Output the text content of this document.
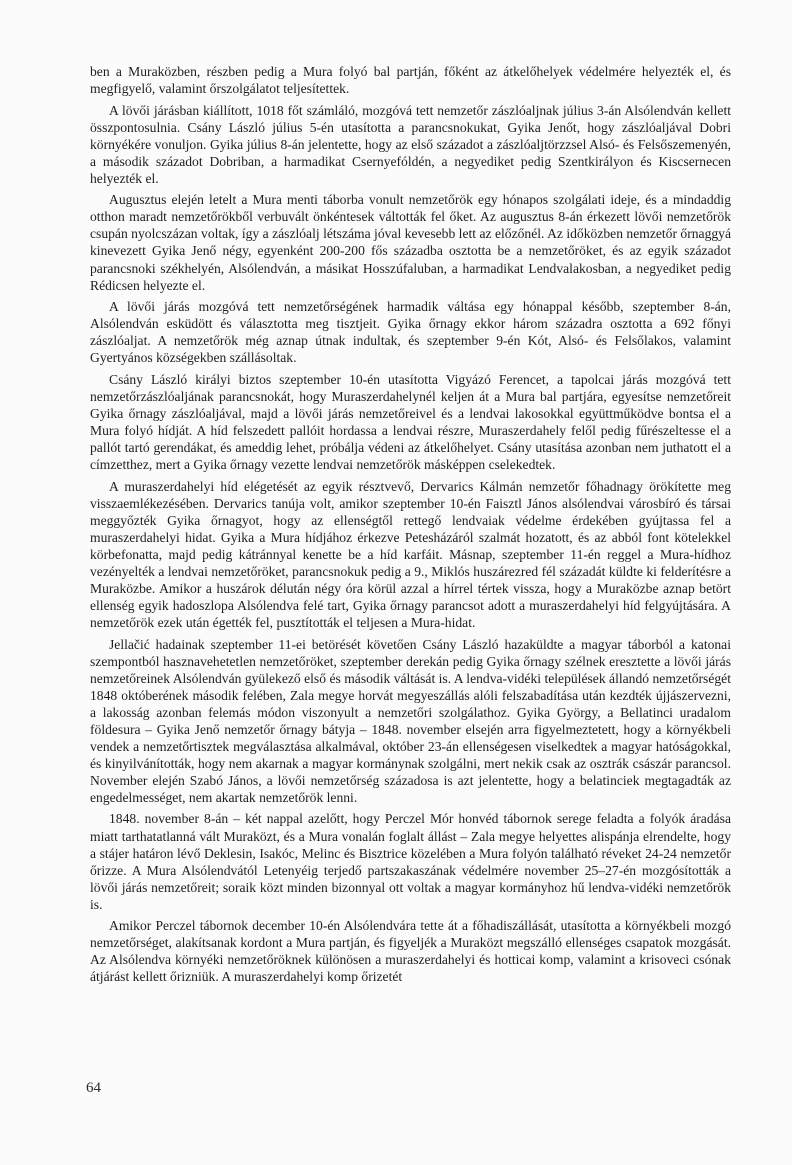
ben a Muraközben, részben pedig a Mura folyó bal partján, főként az átkelőhelyek védelmére helyezték el, és megfigyelő, valamint őrszolgálatot teljesítettek.

A lövői járásban kiállított, 1018 főt számláló, mozgóvá tett nemzetőr zászlóaljnak július 3-án Alsólendván kellett összpontosulnia. Csány László július 5-én utasította a parancsnokukat, Gyika Jenőt, hogy zászlóaljával Dobri környékére vonuljon. Gyika július 8-án jelentette, hogy az első századot a zászlóaljtörzzsel Alsó- és Felsőszemenyén, a második századot Dobriban, a harmadikat Csernyefóldén, a negyediket pedig Szentkirályon és Kiscsernecen helyezték el.

Augusztus elején letelt a Mura menti táborba vonult nemzetőrök egy hónapos szolgálati ideje, és a mindaddig otthon maradt nemzetőrökből verbuvált önkéntesek váltották fel őket. Az augusztus 8-án érkezett lövői nemzetőrök csupán nyolcszázan voltak, így a zászlóalj létszáma jóval kevesebb lett az előzőnél. Az időközben nemzetőr őrnaggyá kinevezett Gyika Jenő négy, egyenként 200-200 fős századba osztotta be a nemzetőröket, és az egyik századot parancsnoki székhelyén, Alsólendván, a másikat Hosszúfaluban, a harmadikat Lendvalakosban, a negyediket pedig Rédicsen helyezte el.

A lövői járás mozgóvá tett nemzetőrségének harmadik váltása egy hónappal később, szeptember 8-án, Alsólendván esküdött és választotta meg tisztjeit. Gyika őrnagy ekkor három századra osztotta a 692 főnyi zászlóaljat. A nemzetőrök még aznap útnak indultak, és szeptember 9-én Kót, Alsó- és Felsőlakos, valamint Gyertyános községekben szállásoltak.

Csány László királyi biztos szeptember 10-én utasította Vigyázó Ferencet, a tapolcai járás mozgóvá tett nemzetőrzászlóaljának parancsnokát, hogy Muraszerdahelynél keljen át a Mura bal partjára, egyesítse nemzetőreit Gyika őrnagy zászlóaljával, majd a lövői járás nemzetőreivel és a lendvai lakosokkal együttműködve bontsa el a Mura folyó hídját. A híd felszedett pallóit hordassa a lendvai részre, Muraszerdahely felől pedig fűrészeltesse el a pallót tartó gerendákat, és ameddig lehet, próbálja védeni az átkelőhelyet. Csány utasítása azonban nem juthatott el a címzetthez, mert a Gyika őrnagy vezette lendvai nemzetőrök másképpen cselekedtek.

A muraszerdahelyi híd elégetését az egyik résztvevő, Dervarics Kálmán nemzetőr főhadnagy örökítette meg visszaemlékezésében. Dervarics tanúja volt, amikor szeptember 10-én Faisztl János alsólendvai városbíró és társai meggyőzték Gyika őrnagyot, hogy az ellenségtől rettegő lendvaiak védelme érdekében gyújtassa fel a muraszerdahelyi hidat. Gyika a Mura hídjához érkezve Petesházáról szalmát hozatott, és az abból font kötelekkel körbefonatta, majd pedig kátránnyal kenette be a híd karfáit. Másnap, szeptember 11-én reggel a Mura-hídhoz vezényelték a lendvai nemzetőröket, parancsnokuk pedig a 9., Miklós huszárezred fél századát küldte ki felderítésre a Muraközbe. Amikor a huszárok délután négy óra körül azzal a hírrel tértek vissza, hogy a Muraközbe aznap betört ellenség egyik hadoszlopa Alsólendva felé tart, Gyika őrnagy parancsot adott a muraszerdahelyi híd felgyújtására. A nemzetőrök ezek után égették fel, pusztították el teljesen a Mura-hidat.

Jellačić hadainak szeptember 11-ei betörését követően Csány László hazaküldte a magyar táborból a katonai szempontból hasznavehetetlen nemzetőröket, szeptember derekán pedig Gyika őrnagy szélnek eresztette a lövői járás nemzetőreinek Alsólendván gyülekező első és második váltását is. A lendva-vidéki települések állandó nemzetőrségét 1848 októberének második felében, Zala megye horvát megyeszállás alóli felszabadítása után kezdték újjászervezni, a lakosság azonban felemás módon viszonyult a nemzetőri szolgálathoz. Gyika György, a Bellatinci uradalom földesura – Gyika Jenő nemzetőr őrnagy bátyja – 1848. november elsején arra figyelmeztetett, hogy a környékbeli vendek a nemzetőrtisztek megválasztása alkalmával, október 23-án ellenségesen viselkedtek a magyar hatóságokkal, és kinyilvánították, hogy nem akarnak a magyar kormánynak szolgálni, mert nekik csak az osztrák császár parancsol. November elején Szabó János, a lövői nemzetőrség századosa is azt jelentette, hogy a belatinciek megtagadták az engedelmességet, nem akartak nemzetőrök lenni.

1848. november 8-án – két nappal azelőtt, hogy Perczel Mór honvéd tábornok serege feladta a folyók áradása miatt tarthatatlanná vált Muraközt, és a Mura vonalán foglalt állást – Zala megye helyettes alispánja elrendelte, hogy a stájer határon lévő Deklesin, Isakóc, Melinc és Bisztrice közelében a Mura folyón található réveket 24-24 nemzetőr őrizze. A Mura Alsólendvától Letenyéig terjedő partszakaszának védelmére november 25–27-én mozgósították a lövői járás nemzetőreit; soraik közt minden bizonnyal ott voltak a magyar kormányhoz hű lendva-vidéki nemzetőrök is.

Amikor Perczel tábornok december 10-én Alsólendvára tette át a főhadiszállását, utasította a környékbeli mozgó nemzetőrséget, alakítsanak kordont a Mura partján, és figyeljék a Muraközt megszálló ellenséges csapatok mozgását. Az Alsólendva környéki nemzetőröknek különösen a muraszerdahelyi és hotticai komp, valamint a krisoveci csónak átjárást kellett őrizniük. A muraszerdahelyi komp őrizetét

64
